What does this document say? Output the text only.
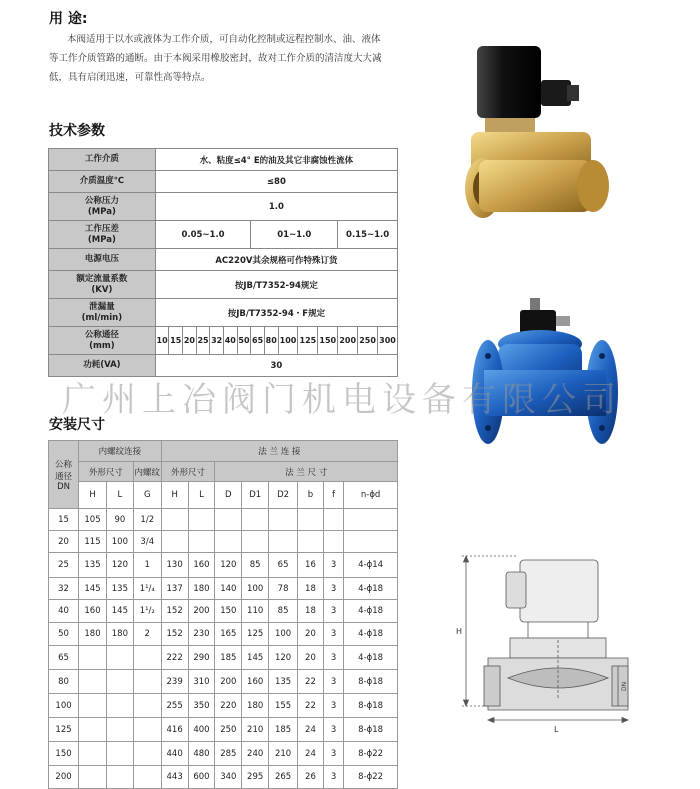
用 途:
本阀适用于以水或液体为工作介质，可自动化控制或远程控制水、油、液体
等工作介质管路的通断。由于本阀采用橡胶密封，故对工作介质的清洁度大大减
低，具有启闭迅速，可靠性高等特点。
技术参数
工作介质	水、粘度≤4° E的油及其它非腐蚀性流体														
介质温度℃	≤80														
公称压力
(MPa)	1.0														
工作压差
(MPa)	0.05~1.0							01~1.0					0.15~1.0		
电源电压	AC220V其余规格可作特殊订货														
额定流量系数
(KV)	按JB/T7352-94规定														
泄漏量
(ml/min)	按JB/T7352-94・F规定														
公称通径
(mm)	10	15	20	25	32	40	50	65	80	100	125	150	200	250	300
功耗(VA)	30														
广州上冶阀门机电设备有限公司
安装尺寸
公称
通径
DN	内螺纹连接			法 兰 连 接							
	外形尺寸		内螺纹	外形尺寸		法 兰 尺 寸					
	H	L	G	H	L	D	D1	D2	b	f	n-ϕd
15	105	90	1/2								
20	115	100	3/4								
25	135	120	1	130	160	120	85	65	16	3	4-ϕ14
32	145	135	1¹/₄	137	180	140	100	78	18	3	4-ϕ18
40	160	145	1¹/₂	152	200	150	110	85	18	3	4-ϕ18
50	180	180	2	152	230	165	125	100	20	3	4-ϕ18
65				222	290	185	145	120	20	3	4-ϕ18
80				239	310	200	160	135	22	3	8-ϕ18
100				255	350	220	180	155	22	3	8-ϕ18
125				416	400	250	210	185	24	3	8-ϕ18
150				440	480	285	240	210	24	3	8-ϕ22
200				443	600	340	295	265	26	3	8-ϕ22
H
L
DN
